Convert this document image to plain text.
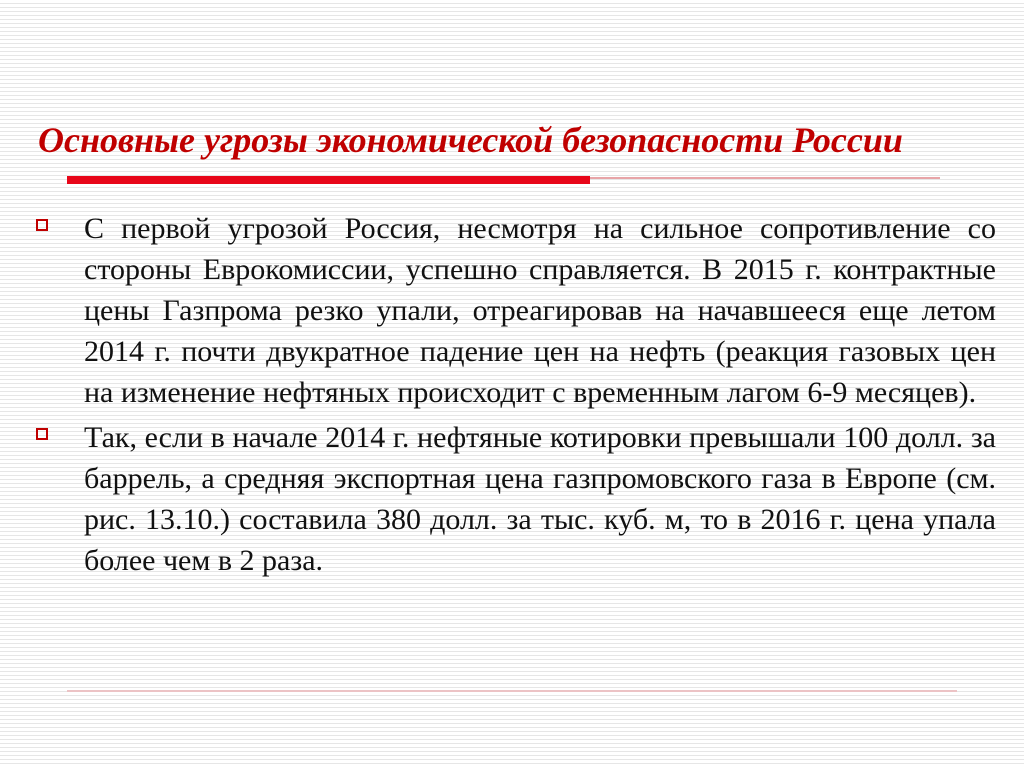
Основные угрозы экономической безопасности России
С первой угрозой Россия, несмотря на сильное сопротивление со стороны Еврокомиссии, успешно справляется. В 2015 г. контрактные цены Газпрома резко упали, отреагировав на начавшееся еще летом 2014 г. почти двукратное падение цен на нефть (реакция газовых цен на изменение нефтяных происходит с временным лагом 6-9 месяцев).
Так, если в начале 2014 г. нефтяные котировки превышали 100 долл. за баррель, а средняя экспортная цена газпромовского газа в Европе (см. рис. 13.10.) составила 380 долл. за тыс. куб. м, то в 2016 г. цена упала более чем в 2 раза.
